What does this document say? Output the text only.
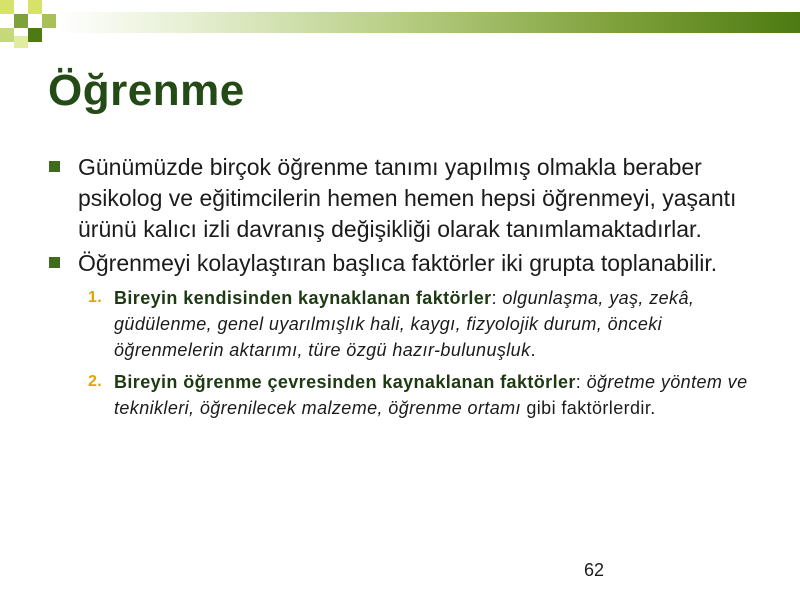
Öğrenme
Günümüzde birçok öğrenme tanımı yapılmış olmakla beraber psikolog ve eğitimcilerin hemen hemen hepsi öğrenmeyi, yaşantı ürünü kalıcı izli davranış değişikliği olarak tanımlamaktadırlar.
Öğrenmeyi kolaylaştıran başlıca faktörler iki grupta toplanabilir.
1. Bireyin kendisinden kaynaklanan faktörler: olgunlaşma, yaş, zekâ, güdülenme, genel uyarılmışlık hali, kaygı, fizyolojik durum, önceki öğrenmelerin aktarımı, türe özgü hazır-bulunuşluk.
2. Bireyin öğrenme çevresinden kaynaklanan faktörler: öğretme yöntem ve teknikleri, öğrenilecek malzeme, öğrenme ortamı gibi faktörlerdir.
62
